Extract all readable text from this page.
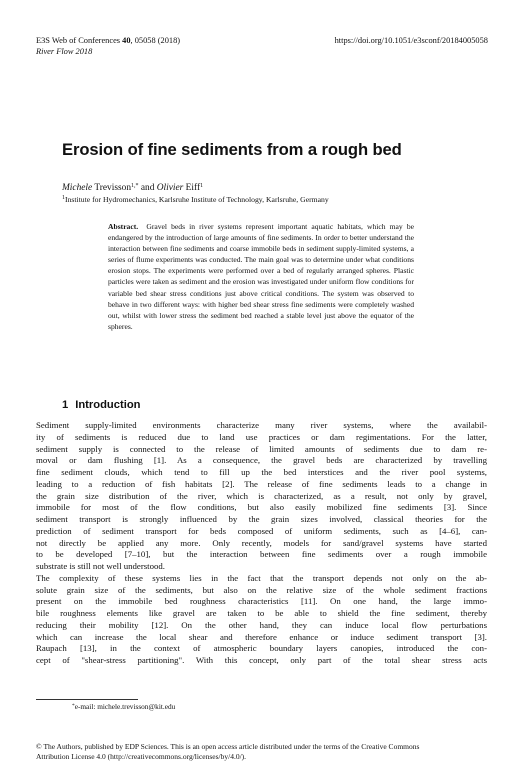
E3S Web of Conferences 40, 05058 (2018)
River Flow 2018
https://doi.org/10.1051/e3sconf/20184005058
Erosion of fine sediments from a rough bed
Michele Trevisson$^{1,*}$ and Olivier Eiff$^1$
$^1$Institute for Hydromechanics, Karlsruhe Institute of Technology, Karlsruhe, Germany
Abstract. Gravel beds in river systems represent important aquatic habitats, which may be endangered by the introduction of large amounts of fine sediments. In order to better understand the interaction between fine sediments and coarse immobile beds in sediment supply-limited systems, a series of flume experiments was conducted. The main goal was to determine under what conditions erosion stops. The experiments were performed over a bed of regularly arranged spheres. Plastic particles were taken as sediment and the erosion was investigated under uniform flow conditions for variable bed shear stress conditions just above critical conditions. The system was observed to behave in two different ways: with higher bed shear stress fine sediments were completely washed out, whilst with lower stress the sediment bed reached a stable level just above the equator of the spheres.
1 Introduction
Sediment supply-limited environments characterize many river systems, where the availabil-
ity of sediments is reduced due to land use practices or dam regimentations. For the latter,
sediment supply is connected to the release of limited amounts of sediments due to dam re-
moval or dam flushing [1]. As a consequence, the gravel beds are characterized by travelling
fine sediment clouds, which tend to fill up the bed interstices and the river pool systems,
leading to a reduction of fish habitats [2]. The release of fine sediments leads to a change in
the grain size distribution of the river, which is characterized, as a result, not only by gravel,
immobile for most of the flow conditions, but also easily mobilized fine sediments [3]. Since
sediment transport is strongly influenced by the grain sizes involved, classical theories for the
prediction of sediment transport for beds composed of uniform sediments, such as [4–6], can-
not directly be applied any more. Only recently, models for sand/gravel systems have started
to be developed [7–10], but the interaction between fine sediments over a rough immobile
substrate is still not well understood.
The complexity of these systems lies in the fact that the transport depends not only on the ab-
solute grain size of the sediments, but also on the relative size of the whole sediment fractions
present on the immobile bed roughness characteristics [11]. On one hand, the large immo-
bile roughness elements like gravel are taken to be able to shield the fine sediment, thereby
reducing their mobility [12]. On the other hand, they can induce local flow perturbations
which can increase the local shear and therefore enhance or induce sediment transport [3].
Raupach [13], in the context of atmospheric boundary layers canopies, introduced the con-
cept of "shear-stress partitioning". With this concept, only part of the total shear stress acts
*e-mail: michele.trevisson@kit.edu
© The Authors, published by EDP Sciences. This is an open access article distributed under the terms of the Creative Commons
Attribution License 4.0 (http://creativecommons.org/licenses/by/4.0/).
